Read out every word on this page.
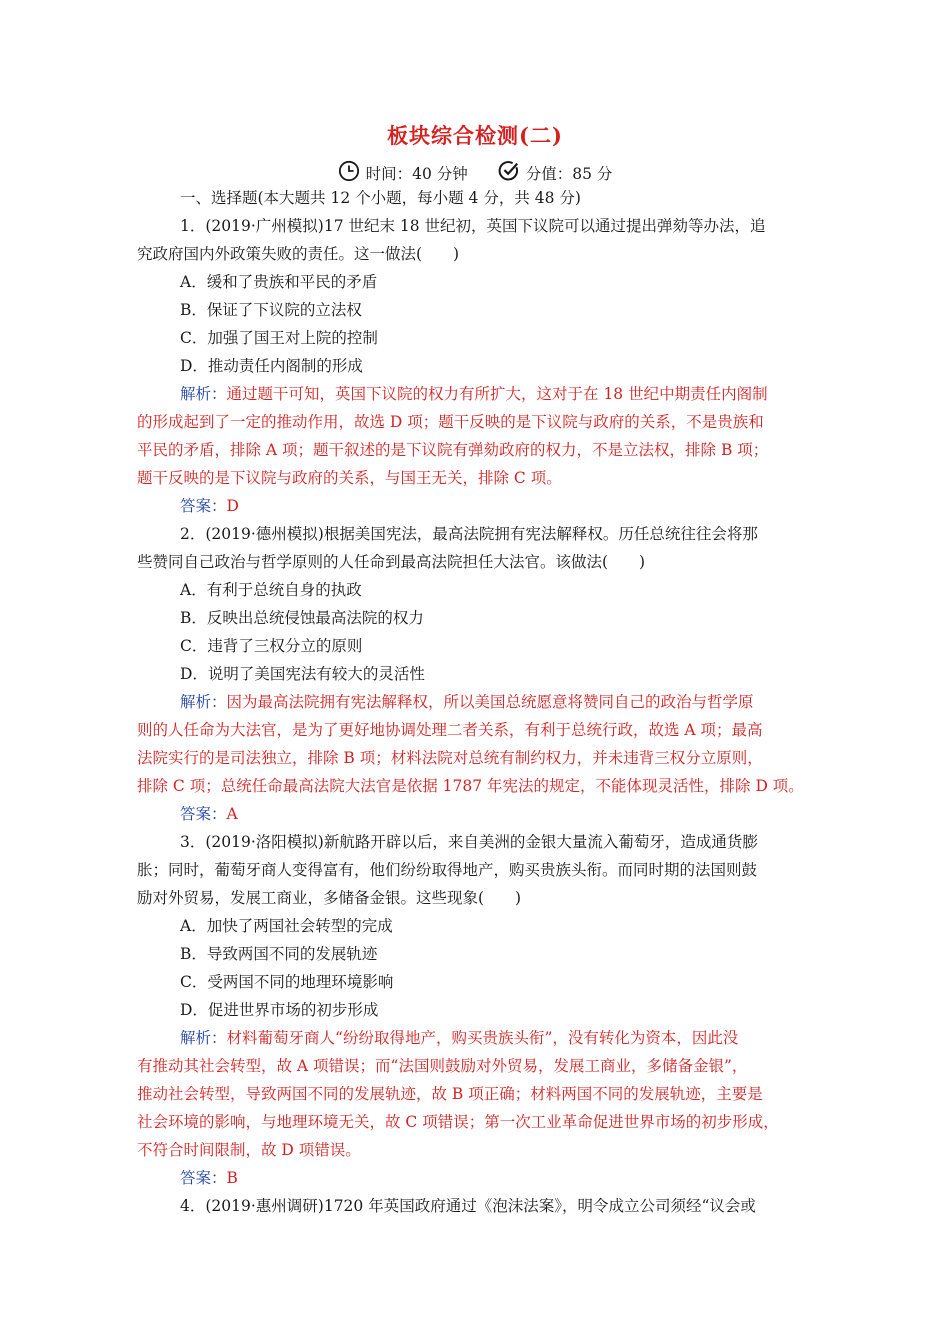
板块综合检测(二)
时间：40 分钟	分值：85 分
一、选择题(本大题共 12 个小题，每小题 4 分，共 48 分)
1．(2019·广州模拟)17 世纪末 18 世纪初，英国下议院可以通过提出弹劾等办法，追
究政府国内外政策失败的责任。这一做法(　　)
A．缓和了贵族和平民的矛盾
B．保证了下议院的立法权
C．加强了国王对上院的控制
D．推动责任内阁制的形成
解析：通过题干可知，英国下议院的权力有所扩大，这对于在 18 世纪中期责任内阁制
的形成起到了一定的推动作用，故选 D 项；题干反映的是下议院与政府的关系，不是贵族和
平民的矛盾，排除 A 项；题干叙述的是下议院有弹劾政府的权力，不是立法权，排除 B 项；
题干反映的是下议院与政府的关系，与国王无关，排除 C 项。
答案：D
2．(2019·德州模拟)根据美国宪法，最高法院拥有宪法解释权。历任总统往往会将那
些赞同自己政治与哲学原则的人任命到最高法院担任大法官。该做法(　　)
A．有利于总统自身的执政
B．反映出总统侵蚀最高法院的权力
C．违背了三权分立的原则
D．说明了美国宪法有较大的灵活性
解析：因为最高法院拥有宪法解释权，所以美国总统愿意将赞同自己的政治与哲学原
则的人任命为大法官，是为了更好地协调处理二者关系，有利于总统行政，故选 A 项；最高
法院实行的是司法独立，排除 B 项；材料法院对总统有制约权力，并未违背三权分立原则，
排除 C 项；总统任命最高法院大法官是依据 1787 年宪法的规定，不能体现灵活性，排除 D 项。
答案：A
3．(2019·洛阳模拟)新航路开辟以后，来自美洲的金银大量流入葡萄牙，造成通货膨
胀；同时，葡萄牙商人变得富有，他们纷纷取得地产，购买贵族头衔。而同时期的法国则鼓
励对外贸易，发展工商业，多储备金银。这些现象(　　)
A．加快了两国社会转型的完成
B．导致两国不同的发展轨迹
C．受两国不同的地理环境影响
D．促进世界市场的初步形成
解析：材料葡萄牙商人“纷纷取得地产，购买贵族头衔”，没有转化为资本，因此没
有推动其社会转型，故 A 项错误；而“法国则鼓励对外贸易，发展工商业，多储备金银”，
推动社会转型，导致两国不同的发展轨迹，故 B 项正确；材料两国不同的发展轨迹，主要是
社会环境的影响，与地理环境无关，故 C 项错误；第一次工业革命促进世界市场的初步形成，
不符合时间限制，故 D 项错误。
答案：B
4．(2019·惠州调研)1720 年英国政府通过《泡沫法案》，明令成立公司须经“议会或
